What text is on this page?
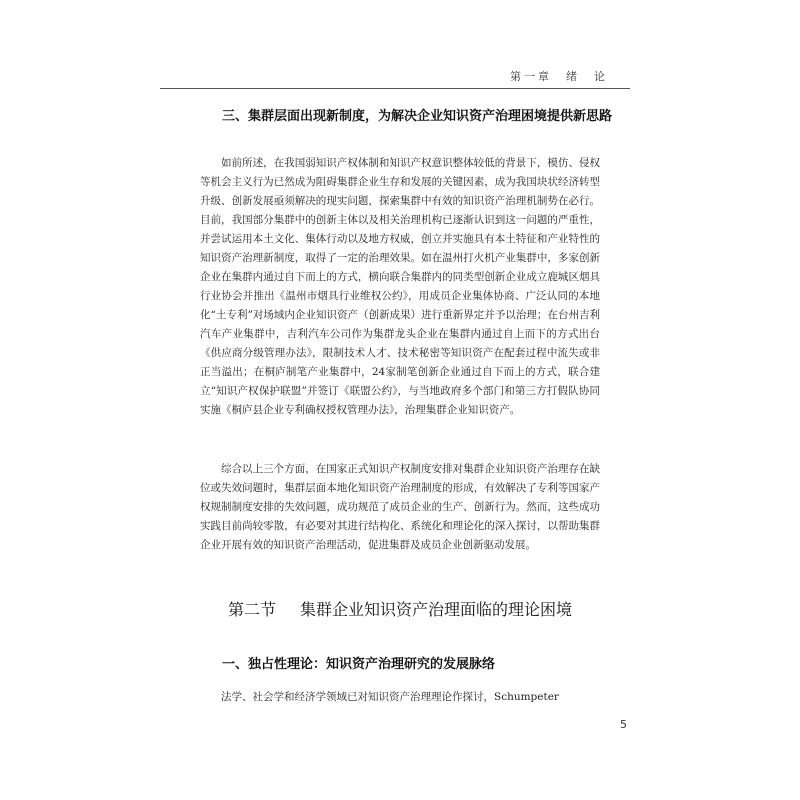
第一章　绪　论
三、集群层面出现新制度，为解决企业知识资产治理困境提供新思路

如前所述，在我国弱知识产权体制和知识产权意识整体较低的背景下，模仿、侵权等机会主义行为已然成为阻碍集群企业生存和发展的关键因素，成为我国块状经济转型升级、创新发展亟须解决的现实问题，探索集群中有效的知识资产治理机制势在必行。目前，我国部分集群中的创新主体以及相关治理机构已逐渐认识到这一问题的严重性，并尝试运用本土文化、集体行动以及地方权威，创立并实施具有本土特征和产业特性的知识资产治理新制度，取得了一定的治理效果。如在温州打火机产业集群中，多家创新企业在集群内通过自下而上的方式，横向联合集群内的同类型创新企业成立鹿城区烟具行业协会并推出《温州市烟具行业维权公约》，用成员企业集体协商、广泛认同的本地化“土专利”对场域内企业知识资产（创新成果）进行重新界定并予以治理；在台州吉利汽车产业集群中，吉利汽车公司作为集群龙头企业在集群内通过自上而下的方式出台《供应商分级管理办法》，限制技术人才、技术秘密等知识资产在配套过程中流失或非正当溢出；在桐庐制笔产业集群中，24家制笔创新企业通过自下而上的方式，联合建立“知识产权保护联盟”并签订《联盟公约》，与当地政府多个部门和第三方打假队协同实施《桐庐县企业专利确权授权管理办法》，治理集群企业知识资产。

综合以上三个方面，在国家正式知识产权制度安排对集群企业知识资产治理存在缺位或失效问题时，集群层面本地化知识资产治理制度的形成，有效解决了专利等国家产权规制制度安排的失效问题，成功规范了成员企业的生产、创新行为。然而，这些成功实践目前尚较零散，有必要对其进行结构化、系统化和理论化的深入探讨，以帮助集群企业开展有效的知识资产治理活动，促进集群及成员企业创新驱动发展。

第二节 集群企业知识资产治理面临的理论困境
一、独占性理论：知识资产治理研究的发展脉络

法学、社会学和经济学领域已对知识资产治理理论作探讨，Schumpeter

5
